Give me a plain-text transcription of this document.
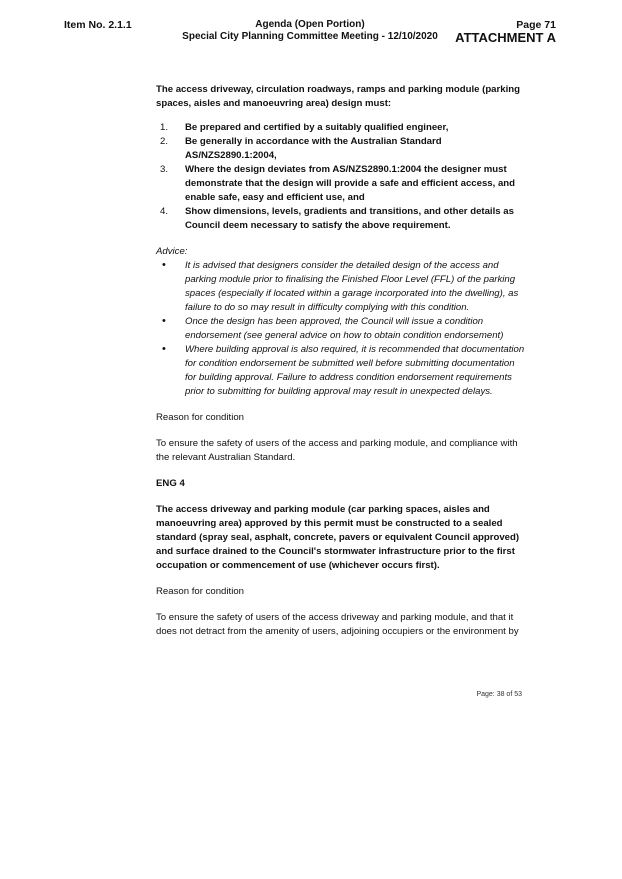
Item No. 2.1.1	Agenda (Open Portion)
Special City Planning Committee Meeting - 12/10/2020
Page 71
ATTACHMENT A

The access driveway, circulation roadways, ramps and parking module (parking spaces, aisles and manoeuvring area) design must:

1. Be prepared and certified by a suitably qualified engineer,
2. Be generally in accordance with the Australian Standard AS/NZS2890.1:2004,
3. Where the design deviates from AS/NZS2890.1:2004 the designer must demonstrate that the design will provide a safe and efficient access, and enable safe, easy and efficient use, and
4. Show dimensions, levels, gradients and transitions, and other details as Council deem necessary to satisfy the above requirement.

Advice:

• It is advised that designers consider the detailed design of the access and parking module prior to finalising the Finished Floor Level (FFL) of the parking spaces (especially if located within a garage incorporated into the dwelling), as failure to do so may result in difficulty complying with this condition.
• Once the design has been approved, the Council will issue a condition endorsement (see general advice on how to obtain condition endorsement)
• Where building approval is also required, it is recommended that documentation for condition endorsement be submitted well before submitting documentation for building approval. Failure to address condition endorsement requirements prior to submitting for building approval may result in unexpected delays.

Reason for condition

To ensure the safety of users of the access and parking module, and compliance with the relevant Australian Standard.

ENG 4

The access driveway and parking module (car parking spaces, aisles and manoeuvring area) approved by this permit must be constructed to a sealed standard (spray seal, asphalt, concrete, pavers or equivalent Council approved) and surface drained to the Council's stormwater infrastructure prior to the first occupation or commencement of use (whichever occurs first).

Reason for condition

To ensure the safety of users of the access driveway and parking module, and that it does not detract from the amenity of users, adjoining occupiers or the environment by

Page: 38 of 53
